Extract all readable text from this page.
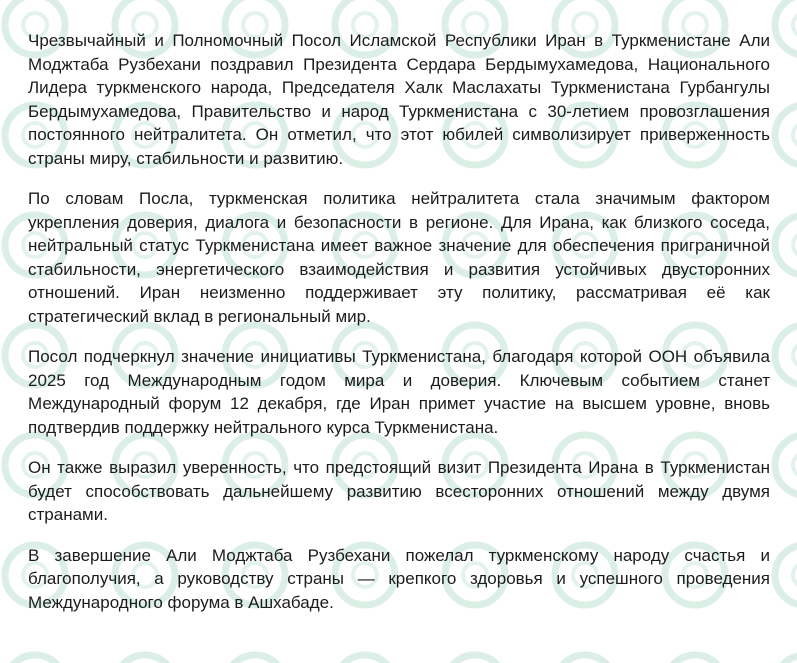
Чрезвычайный и Полномочный Посол Исламской Республики Иран в Туркменистане Али Моджтаба Рузбехани поздравил Президента Сердара Бердымухамедова, Национального Лидера туркменского народа, Председателя Халк Маслахаты Туркменистана Гурбангулы Бердымухамедова, Правительство и народ Туркменистана с 30-летием провозглашения постоянного нейтралитета. Он отметил, что этот юбилей символизирует приверженность страны миру, стабильности и развитию.

По словам Посла, туркменская политика нейтралитета стала значимым фактором укрепления доверия, диалога и безопасности в регионе. Для Ирана, как близкого соседа, нейтральный статус Туркменистана имеет важное значение для обеспечения приграничной стабильности, энергетического взаимодействия и развития устойчивых двусторонних отношений. Иран неизменно поддерживает эту политику, рассматривая её как стратегический вклад в региональный мир.

Посол подчеркнул значение инициативы Туркменистана, благодаря которой ООН объявила 2025 год Международным годом мира и доверия. Ключевым событием станет Международный форум 12 декабря, где Иран примет участие на высшем уровне, вновь подтвердив поддержку нейтрального курса Туркменистана.

Он также выразил уверенность, что предстоящий визит Президента Ирана в Туркменистан будет способствовать дальнейшему развитию всесторонних отношений между двумя странами.

В завершение Али Моджтаба Рузбехани пожелал туркменскому народу счастья и благополучия, а руководству страны — крепкого здоровья и успешного проведения Международного форума в Ашхабаде.
